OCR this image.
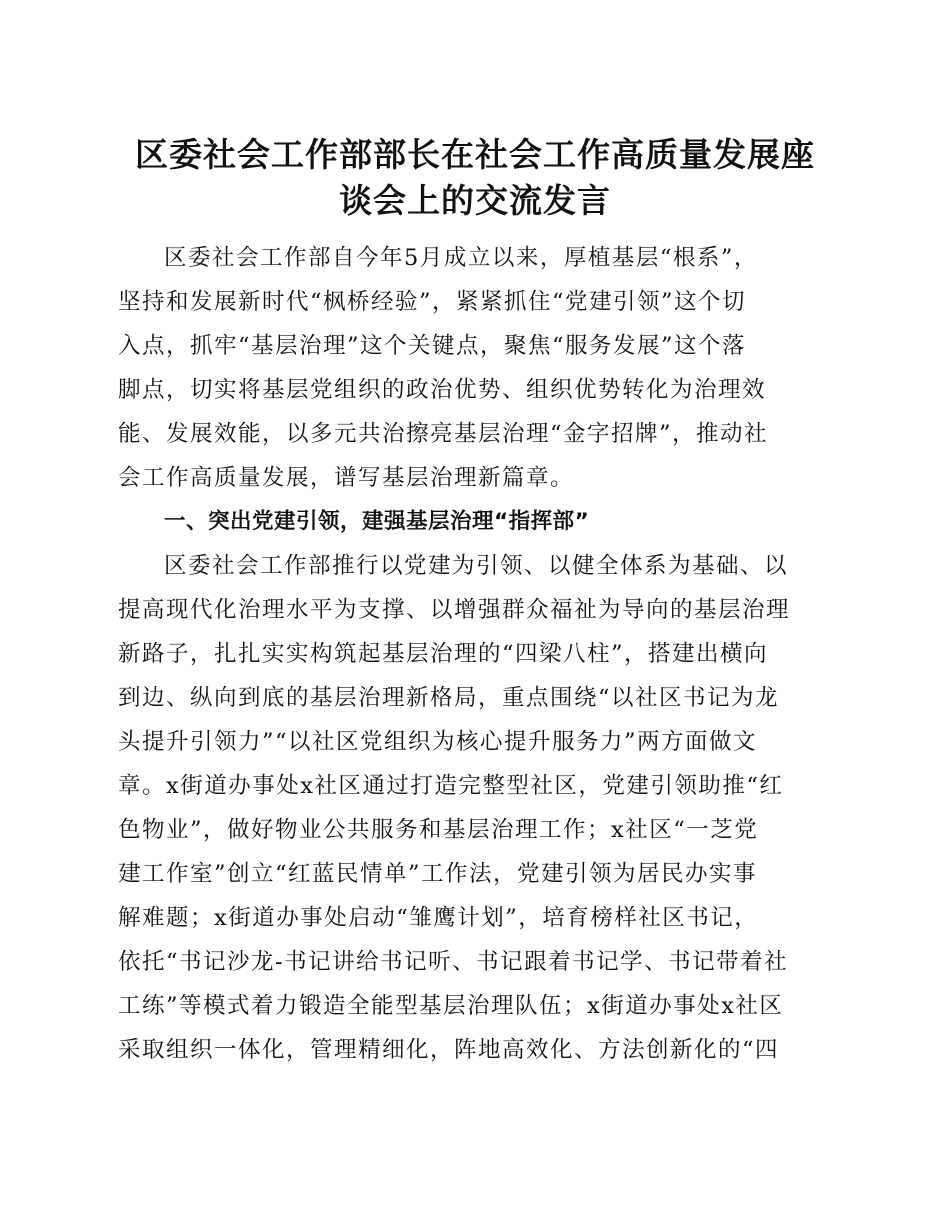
区委社会工作部部长在社会工作高质量发展座
谈会上的交流发言
区委社会工作部自今年5月成立以来，厚植基层“根系”，
坚持和发展新时代“枫桥经验”，紧紧抓住“党建引领”这个切
入点，抓牢“基层治理”这个关键点，聚焦“服务发展”这个落
脚点，切实将基层党组织的政治优势、组织优势转化为治理效
能、发展效能，以多元共治擦亮基层治理“金字招牌”，推动社
会工作高质量发展，谱写基层治理新篇章。
一、突出党建引领，建强基层治理“指挥部”
区委社会工作部推行以党建为引领、以健全体系为基础、以
提高现代化治理水平为支撑、以增强群众福祉为导向的基层治理
新路子，扎扎实实构筑起基层治理的“四梁八柱”，搭建出横向
到边、纵向到底的基层治理新格局，重点围绕“以社区书记为龙
头提升引领力”“以社区党组织为核心提升服务力”两方面做文
章。x街道办事处x社区通过打造完整型社区，党建引领助推“红
色物业”，做好物业公共服务和基层治理工作；x社区“一芝党
建工作室”创立“红蓝民情单”工作法，党建引领为居民办实事
解难题；x街道办事处启动“雏鹰计划”，培育榜样社区书记，
依托“书记沙龙-书记讲给书记听、书记跟着书记学、书记带着社
工练”等模式着力锻造全能型基层治理队伍；x街道办事处x社区
采取组织一体化，管理精细化，阵地高效化、方法创新化的“四
